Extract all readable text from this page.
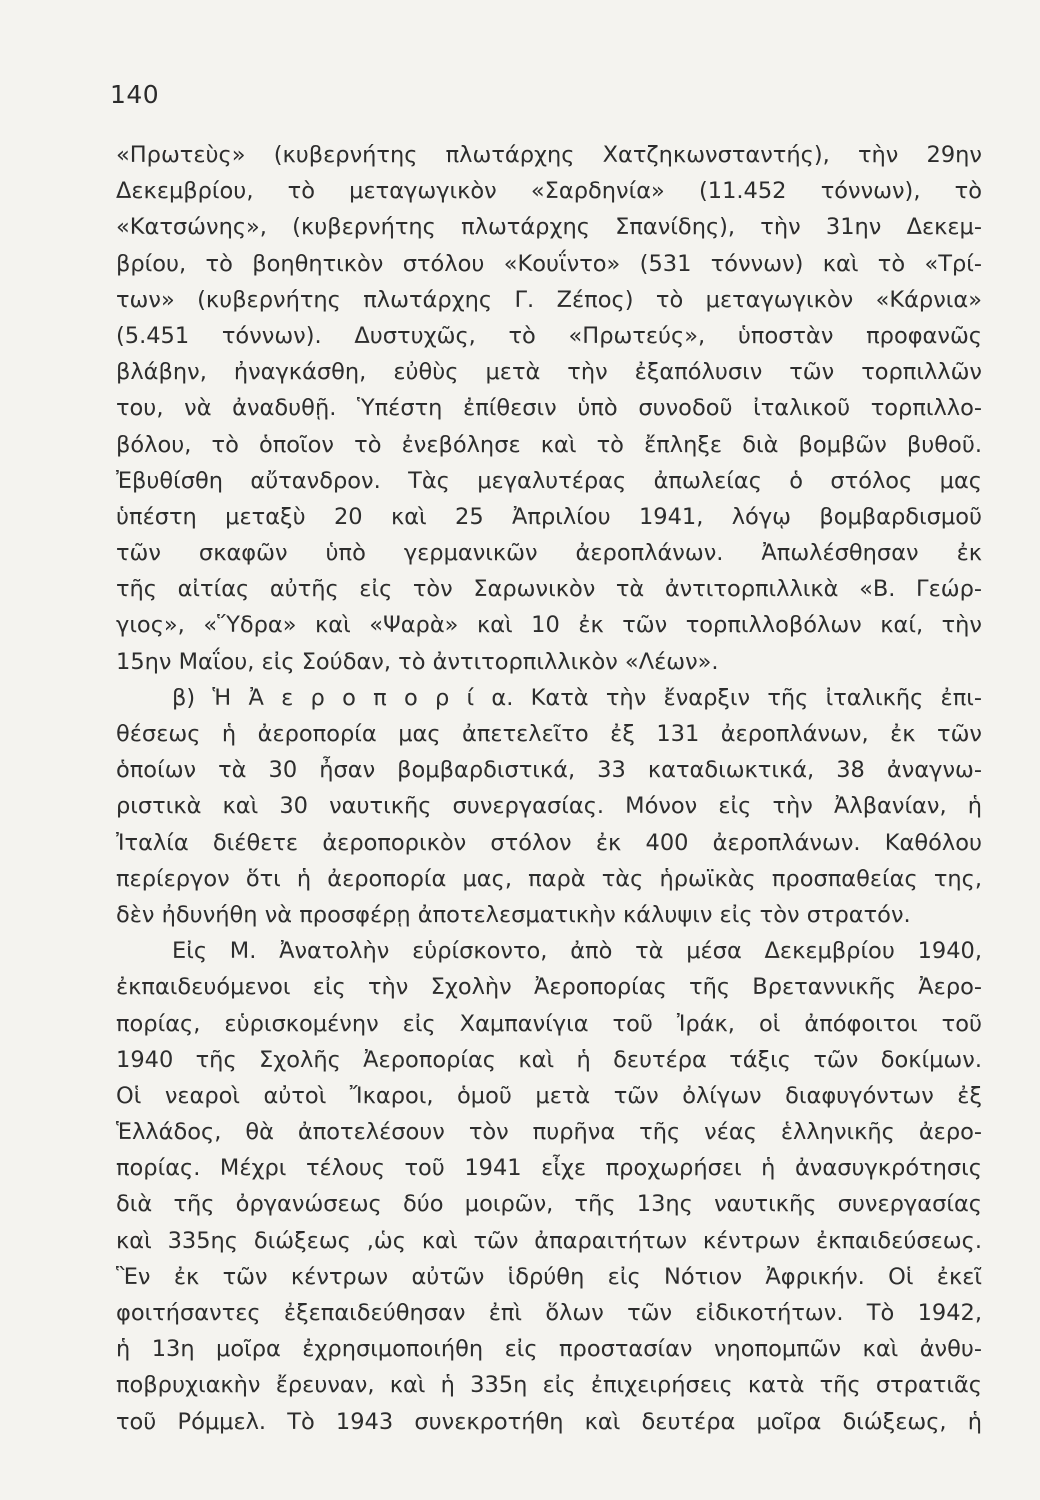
140
«Πρωτεὺς» (κυβερνήτης πλωτάρχης Χατζηκωνσταντής), τὴν 29ην
Δεκεμβρίου, τὸ μεταγωγικὸν «Σαρδηνία» (11.452 τόννων), τὸ
«Κατσώνης», (κυβερνήτης πλωτάρχης Σπανίδης), τὴν 31ην Δεκεμ-
βρίου, τὸ βοηθητικὸν στόλου «Κουΐντο» (531 τόννων) καὶ τὸ «Τρί-
των» (κυβερνήτης πλωτάρχης Γ. Ζέπος) τὸ μεταγωγικὸν «Κάρνια»
(5.451 τόννων). Δυστυχῶς, τὸ «Πρωτεύς», ὑποστὰν προφανῶς
βλάβην, ἠναγκάσθη, εὐθὺς μετὰ τὴν ἐξαπόλυσιν τῶν τορπιλλῶν
του, νὰ ἀναδυθῇ. Ὑπέστη ἐπίθεσιν ὑπὸ συνοδοῦ ἰταλικοῦ τορπιλλο-
βόλου, τὸ ὁποῖον τὸ ἐνεβόλησε καὶ τὸ ἔπληξε διὰ βομβῶν βυθοῦ.
Ἐβυθίσθη αὔτανδρον. Τὰς μεγαλυτέρας ἀπωλείας ὁ στόλος μας
ὑπέστη μεταξὺ 20 καὶ 25 Ἀπριλίου 1941, λόγῳ βομβαρδισμοῦ
τῶν σκαφῶν ὑπὸ γερμανικῶν ἀεροπλάνων. Ἀπωλέσθησαν ἐκ
τῆς αἰτίας αὐτῆς εἰς τὸν Σαρωνικὸν τὰ ἀντιτορπιλλικὰ «Β. Γεώρ-
γιος», «Ὕδρα» καὶ «Ψαρὰ» καὶ 10 ἐκ τῶν τορπιλλοβόλων καί, τὴν
15ην Μαΐου, εἰς Σούδαν, τὸ ἀντιτορπιλλικὸν «Λέων».
β) Ἡ Ἀ ε ρ ο π ο ρ ί α. Κατὰ τὴν ἔναρξιν τῆς ἰταλικῆς ἐπι-
θέσεως ἡ ἀεροπορία μας ἀπετελεῖτο ἐξ 131 ἀεροπλάνων, ἐκ τῶν
ὁποίων τὰ 30 ἦσαν βομβαρδιστικά, 33 καταδιωκτικά, 38 ἀναγνω-
ριστικὰ καὶ 30 ναυτικῆς συνεργασίας. Μόνον εἰς τὴν Ἀλβανίαν, ἡ
Ἰταλία διέθετε ἀεροπορικὸν στόλον ἐκ 400 ἀεροπλάνων. Καθόλου
περίεργον ὅτι ἡ ἀεροπορία μας, παρὰ τὰς ἡρωϊκὰς προσπαθείας της,
δὲν ἠδυνήθη νὰ προσφέρῃ ἀποτελεσματικὴν κάλυψιν εἰς τὸν στρατόν.
Εἰς Μ. Ἀνατολὴν εὑρίσκοντο, ἀπὸ τὰ μέσα Δεκεμβρίου 1940,
ἐκπαιδευόμενοι εἰς τὴν Σχολὴν Ἀεροπορίας τῆς Βρεταννικῆς Ἀερο-
πορίας, εὑρισκομένην εἰς Χαμπανίγια τοῦ Ἰράκ, οἱ ἀπόφοιτοι τοῦ
1940 τῆς Σχολῆς Ἀεροπορίας καὶ ἡ δευτέρα τάξις τῶν δοκίμων.
Οἱ νεαροὶ αὐτοὶ Ἴκαροι, ὁμοῦ μετὰ τῶν ὀλίγων διαφυγόντων ἐξ
Ἑλλάδος, θὰ ἀποτελέσουν τὸν πυρῆνα τῆς νέας ἑλληνικῆς ἀερο-
πορίας. Μέχρι τέλους τοῦ 1941 εἶχε προχωρήσει ἡ ἀνασυγκρότησις
διὰ τῆς ὀργανώσεως δύο μοιρῶν, τῆς 13ης ναυτικῆς συνεργασίας
καὶ 335ης διώξεως ,ὡς καὶ τῶν ἀπαραιτήτων κέντρων ἐκπαιδεύσεως.
Ἓν ἐκ τῶν κέντρων αὐτῶν ἱδρύθη εἰς Νότιον Ἀφρικήν. Οἱ ἐκεῖ
φοιτήσαντες ἐξεπαιδεύθησαν ἐπὶ ὅλων τῶν εἰδικοτήτων. Τὸ 1942,
ἡ 13η μοῖρα ἐχρησιμοποιήθη εἰς προστασίαν νηοπομπῶν καὶ ἀνθυ-
ποβρυχιακὴν ἔρευναν, καὶ ἡ 335η εἰς ἐπιχειρήσεις κατὰ τῆς στρατιᾶς
τοῦ Ρόμμελ. Τὸ 1943 συνεκροτήθη καὶ δευτέρα μοῖρα διώξεως, ἡ
